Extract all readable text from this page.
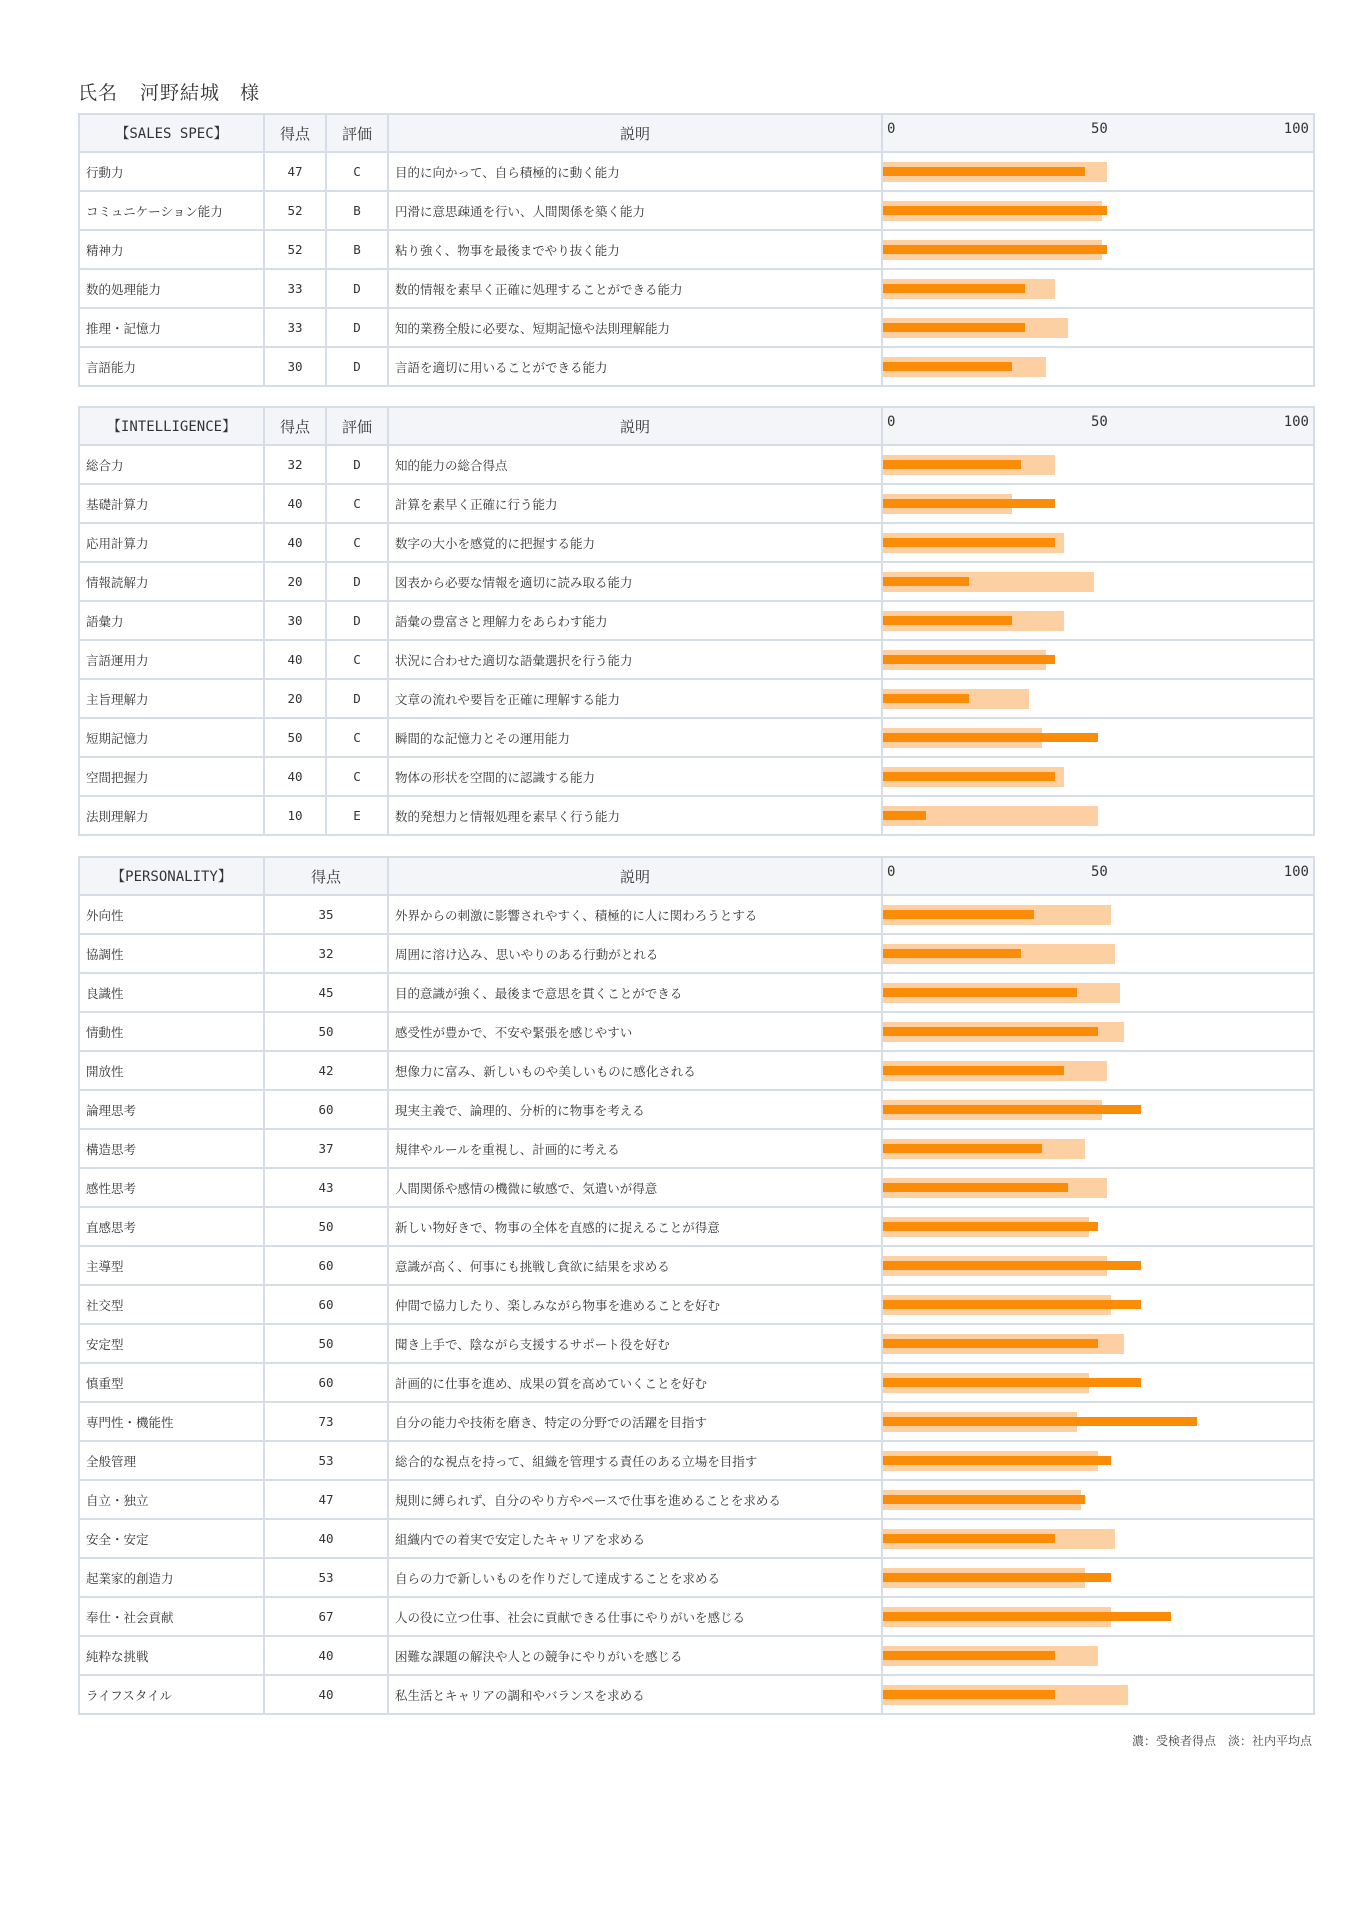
氏名 河野結城 様
【SALES SPEC】	得点	評価	説明	0 50 100

行動力	47	C	目的に向かって、自ら積極的に動く能力	

コミュニケーション能力	52	B	円滑に意思疎通を行い、人間関係を築く能力	

精神力	52	B	粘り強く、物事を最後までやり抜く能力	

数的処理能力	33	D	数的情報を素早く正確に処理することができる能力	

推理・記憶力	33	D	知的業務全般に必要な、短期記憶や法則理解能力	

言語能力	30	D	言語を適切に用いることができる能力	
【INTELLIGENCE】	得点	評価	説明	0 50 100

総合力	32	D	知的能力の総合得点	

基礎計算力	40	C	計算を素早く正確に行う能力	

応用計算力	40	C	数字の大小を感覚的に把握する能力	

情報読解力	20	D	図表から必要な情報を適切に読み取る能力	

語彙力	30	D	語彙の豊富さと理解力をあらわす能力	

言語運用力	40	C	状況に合わせた適切な語彙選択を行う能力	

主旨理解力	20	D	文章の流れや要旨を正確に理解する能力	

短期記憶力	50	C	瞬間的な記憶力とその運用能力	

空間把握力	40	C	物体の形状を空間的に認識する能力	

法則理解力	10	E	数的発想力と情報処理を素早く行う能力	
【PERSONALITY】	得点	説明	0 50 100

外向性	35	外界からの刺激に影響されやすく、積極的に人に関わろうとする	

協調性	32	周囲に溶け込み、思いやりのある行動がとれる	

良識性	45	目的意識が強く、最後まで意思を貫くことができる	

情動性	50	感受性が豊かで、不安や緊張を感じやすい	

開放性	42	想像力に富み、新しいものや美しいものに感化される	

論理思考	60	現実主義で、論理的、分析的に物事を考える	

構造思考	37	規律やルールを重視し、計画的に考える	

感性思考	43	人間関係や感情の機微に敏感で、気遣いが得意	

直感思考	50	新しい物好きで、物事の全体を直感的に捉えることが得意	

主導型	60	意識が高く、何事にも挑戦し貪欲に結果を求める	

社交型	60	仲間で協力したり、楽しみながら物事を進めることを好む	

安定型	50	聞き上手で、陰ながら支援するサポート役を好む	

慎重型	60	計画的に仕事を進め、成果の質を高めていくことを好む	

専門性・機能性	73	自分の能力や技術を磨き、特定の分野での活躍を目指す	

全般管理	53	総合的な視点を持って、組織を管理する責任のある立場を目指す	

自立・独立	47	規則に縛られず、自分のやり方やペースで仕事を進めることを求める	

安全・安定	40	組織内での着実で安定したキャリアを求める	

起業家的創造力	53	自らの力で新しいものを作りだして達成することを求める	

奉仕・社会貢献	67	人の役に立つ仕事、社会に貢献できる仕事にやりがいを感じる	

純粋な挑戦	40	困難な課題の解決や人との競争にやりがいを感じる	

ライフスタイル	40	私生活とキャリアの調和やバランスを求める	
濃：受検者得点　淡：社内平均点
